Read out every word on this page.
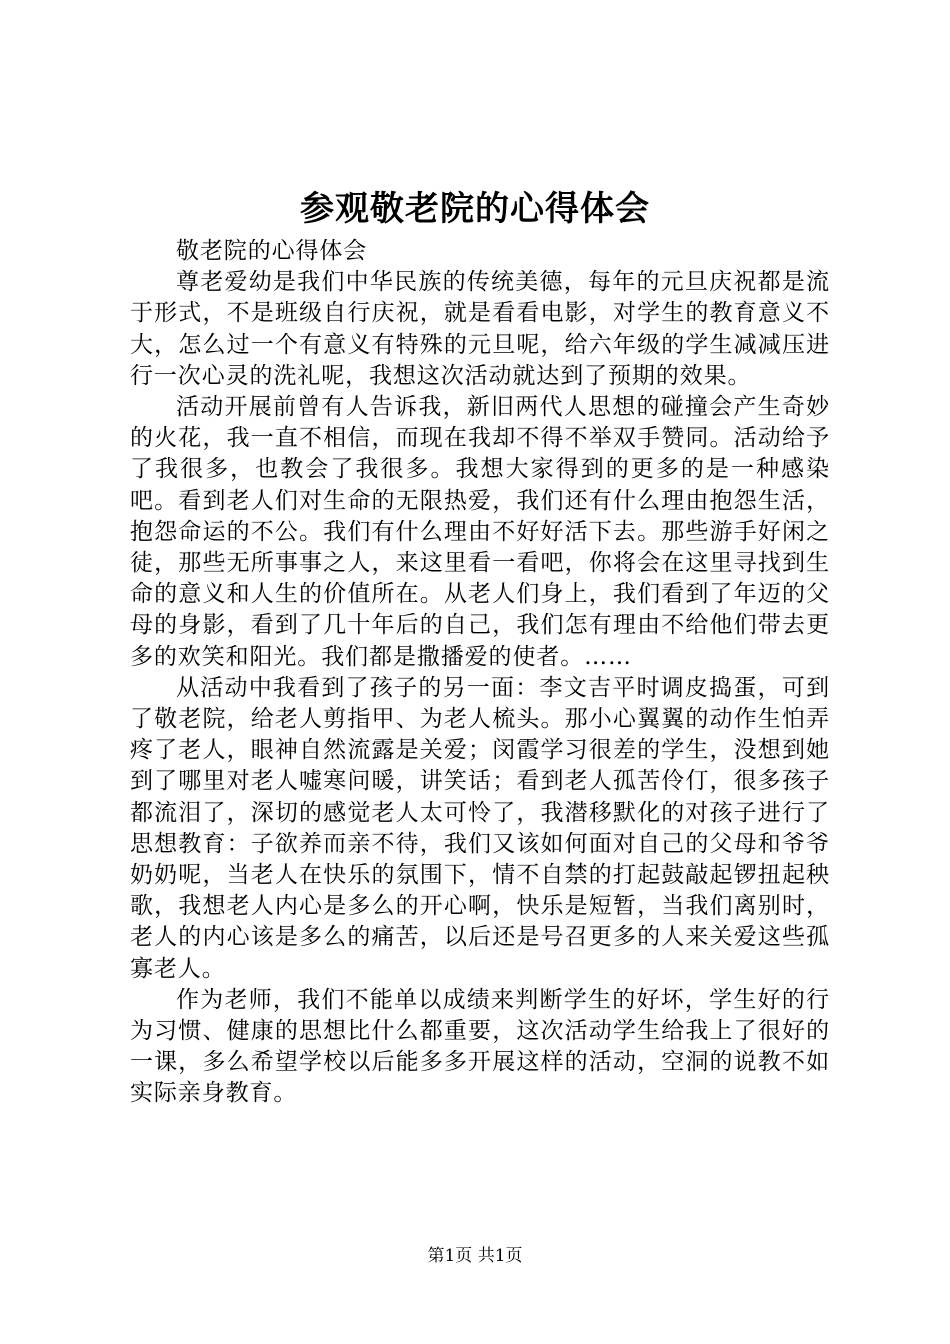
参观敬老院的心得体会

敬老院的心得体会

尊老爱幼是我们中华民族的传统美德，每年的元旦庆祝都是流于形式，不是班级自行庆祝，就是看看电影，对学生的教育意义不大，怎么过一个有意义有特殊的元旦呢，给六年级的学生减减压进行一次心灵的洗礼呢，我想这次活动就达到了预期的效果。

活动开展前曾有人告诉我，新旧两代人思想的碰撞会产生奇妙的火花，我一直不相信，而现在我却不得不举双手赞同。活动给予了我很多，也教会了我很多。我想大家得到的更多的是一种感染吧。看到老人们对生命的无限热爱，我们还有什么理由抱怨生活，抱怨命运的不公。我们有什么理由不好好活下去。那些游手好闲之徒，那些无所事事之人，来这里看一看吧，你将会在这里寻找到生命的意义和人生的价值所在。从老人们身上，我们看到了年迈的父母的身影，看到了几十年后的自己，我们怎有理由不给他们带去更多的欢笑和阳光。我们都是撒播爱的使者。……

从活动中我看到了孩子的另一面：李文吉平时调皮捣蛋，可到了敬老院，给老人剪指甲、为老人梳头。那小心翼翼的动作生怕弄疼了老人，眼神自然流露是关爱；闵霞学习很差的学生，没想到她到了哪里对老人嘘寒问暖，讲笑话；看到老人孤苦伶仃，很多孩子都流泪了，深切的感觉老人太可怜了，我潜移默化的对孩子进行了思想教育：子欲养而亲不待，我们又该如何面对自己的父母和爷爷奶奶呢，当老人在快乐的氛围下，情不自禁的打起鼓敲起锣扭起秧歌，我想老人内心是多么的开心啊，快乐是短暂，当我们离别时，老人的内心该是多么的痛苦，以后还是号召更多的人来关爱这些孤寡老人。

作为老师，我们不能单以成绩来判断学生的好坏，学生好的行为习惯、健康的思想比什么都重要，这次活动学生给我上了很好的一课，多么希望学校以后能多多开展这样的活动，空洞的说教不如实际亲身教育。

第1页 共1页
